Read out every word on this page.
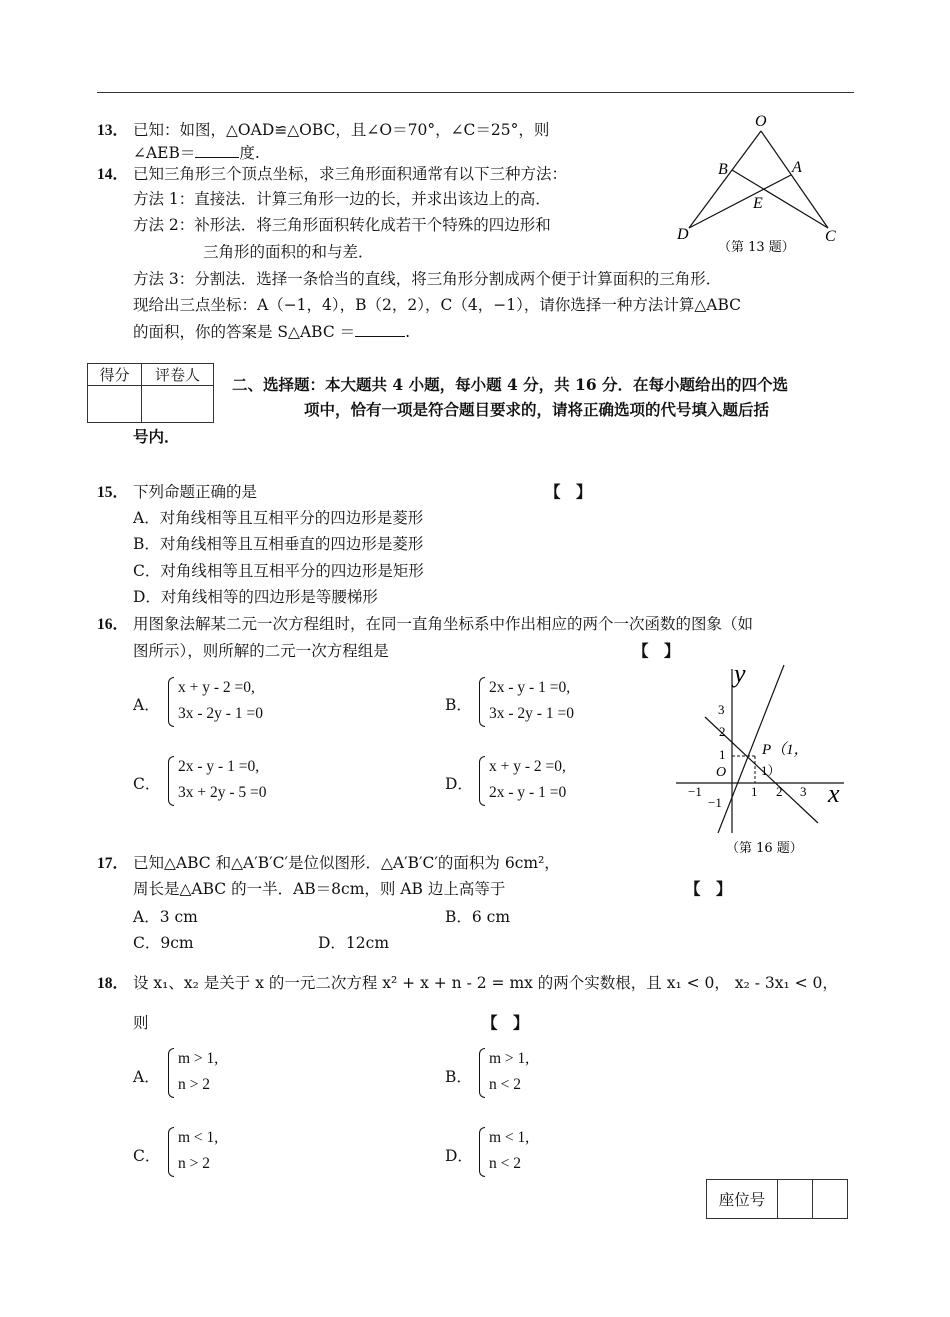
13． 已知：如图，△OAD≌△OBC，且∠O＝70°，∠C＝25°，则
∠AEB＝	度.
O
A
B
E
D	C
（第 13 题）
14． 已知三角形三个顶点坐标，求三角形面积通常有以下三种方法：
方法 1：直接法．计算三角形一边的长，并求出该边上的高．
方法 2：补形法．将三角形面积转化成若干个特殊的四边形和
三角形的面积的和与差．
方法 3：分割法．选择一条恰当的直线，将三角形分割成两个便于计算面积的三角形．
现给出三点坐标：A（−1，4），B（2，2），C（4，−1），请你选择一种方法计算△ABC
的面积，你的答案是 S△ABC ＝	.
得分	评卷人
	二、选择题：本大题共 4 小题，每小题 4 分，共 16 分．在每小题给出的四个选
项中，恰有一项是符合题目要求的，请将正确选项的代号填入题后括
号内．
15． 下列命题正确的是	【　】
A．对角线相等且互相平分的四边形是菱形
B．对角线相等且互相垂直的四边形是菱形
C．对角线相等且互相平分的四边形是矩形
D．对角线相等的四边形是等腰梯形
16． 用图象法解某二元一次方程组时，在同一直角坐标系中作出相应的两个一次函数的图象（如
图所示），则所解的二元一次方程组是	【　】
A．
x + y - 2 =0,
3x - 2y - 1 =0	B．
2x - y - 1 =0,
3x - 2y - 1 =0
C．
2x - y - 1 =0,
3x + 2y - 5 =0	D．
x + y - 2 =0,
2x - y - 1 =0
y
x
O
P（1，
1）
−1	1 2 3
1
2
3
−1
（第 16 题）
17． 已知△ABC 和△A′B′C′是位似图形．△A′B′C′的面积为 6cm²，
周长是△ABC 的一半．AB＝8cm，则 AB 边上高等于	【　】
A．3 cm	B．6 cm
C．9cm	D．12cm
18． 设 x₁、x₂ 是关于 x 的一元二次方程 x² + x + n - 2 = mx 的两个实数根，且 x₁ < 0， x₂ - 3x₁ < 0，
则	【　】
A．
m > 1,
n > 2	B．
m > 1,
n < 2
C．
m < 1,
n > 2	D．
m < 1,
n < 2
座位号		
